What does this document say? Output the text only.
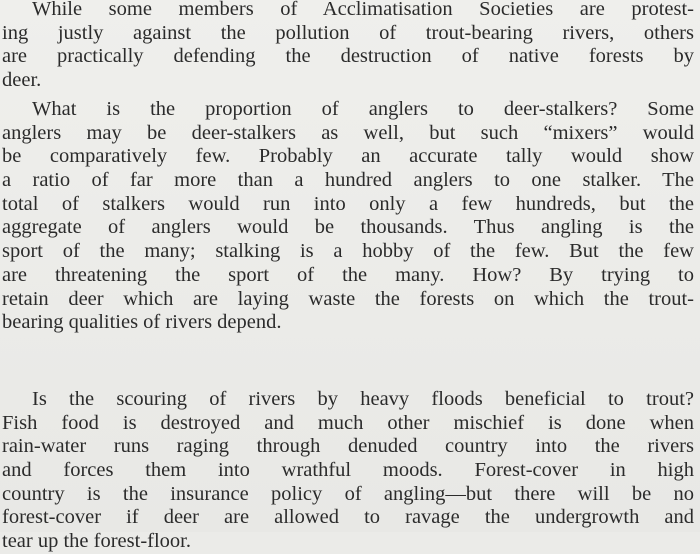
While some members of Acclimatisation Societies are protest-
ing justly against the pollution of trout-bearing rivers, others
are practically defending the destruction of native forests by
deer.

What is the proportion of anglers to deer-stalkers? Some
anglers may be deer-stalkers as well, but such “mixers” would
be comparatively few. Probably an accurate tally would show
a ratio of far more than a hundred anglers to one stalker. The
total of stalkers would run into only a few hundreds, but the
aggregate of anglers would be thousands. Thus angling is the
sport of the many; stalking is a hobby of the few. But the few
are threatening the sport of the many. How? By trying to
retain deer which are laying waste the forests on which the trout-
bearing qualities of rivers depend.

Is the scouring of rivers by heavy floods beneficial to trout?
Fish food is destroyed and much other mischief is done when
rain-water runs raging through denuded country into the rivers
and forces them into wrathful moods. Forest-cover in high
country is the insurance policy of angling—but there will be no
forest-cover if deer are allowed to ravage the undergrowth and
tear up the forest-floor.
